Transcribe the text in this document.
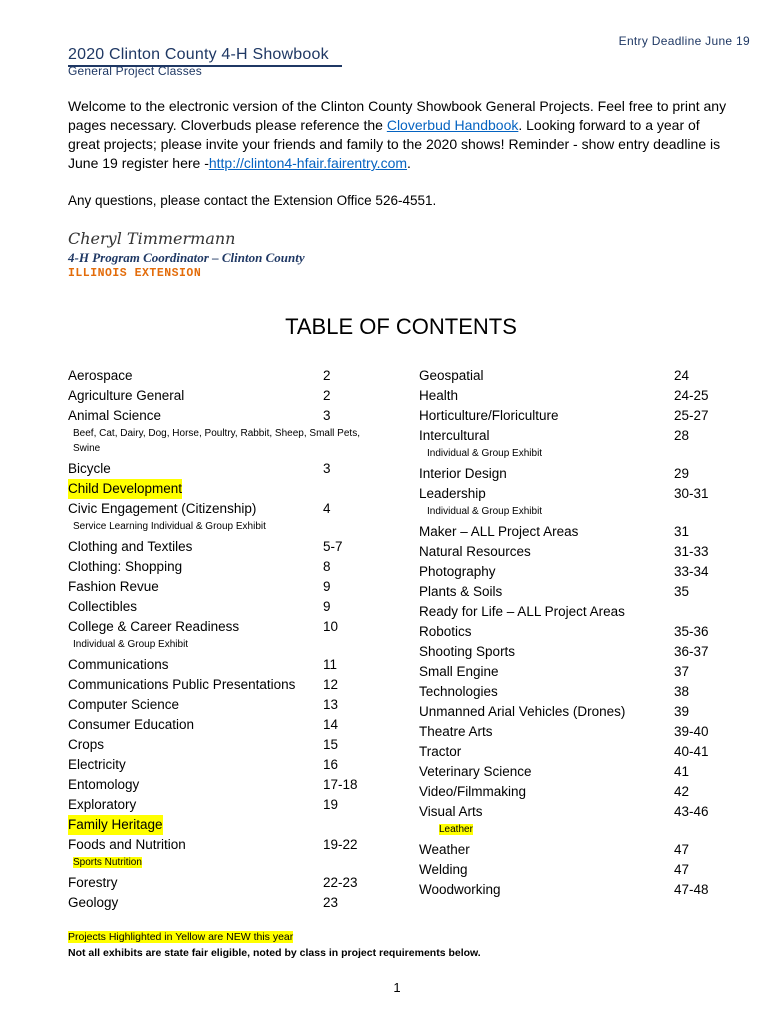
Entry Deadline June 19
2020 Clinton County 4-H Showbook
General Project Classes

Welcome to the electronic version of the Clinton County Showbook General Projects. Feel free to print any pages necessary. Cloverbuds please reference the Cloverbud Handbook. Looking forward to a year of great projects; please invite your friends and family to the 2020 shows! Reminder - show entry deadline is June 19 register here -http://clinton4-hfair.fairentry.com.

Any questions, please contact the Extension Office 526-4551.

Cheryl Timmermann
4-H Program Coordinator – Clinton County
ILLINOIS EXTENSION
TABLE OF CONTENTS
Aerospace	2
Agriculture General	2
Animal Science	3
Beef, Cat, Dairy, Dog, Horse, Poultry, Rabbit, Sheep, Small Pets, Swine
Bicycle	3
Child Development
Civic Engagement (Citizenship)	4
Service Learning Individual & Group Exhibit
Clothing and Textiles	5-7
Clothing: Shopping	8
Fashion Revue	9
Collectibles	9
College & Career Readiness	10
Individual & Group Exhibit
Communications	11
Communications Public Presentations 12
Computer Science	13
Consumer Education	14
Crops	15
Electricity	16
Entomology	17-18
Exploratory	19
Family Heritage
Foods and Nutrition	19-22
Sports Nutrition
Forestry	22-23
Geology	23
Geospatial	24
Health	24-25
Horticulture/Floriculture	25-27
Intercultural	28
Individual & Group Exhibit
Interior Design	29
Leadership	30-31
Individual & Group Exhibit
Maker – ALL Project Areas	31
Natural Resources	31-33
Photography	33-34
Plants & Soils	35
Ready for Life – ALL Project Areas
Robotics	35-36
Shooting Sports	36-37
Small Engine	37
Technologies	38
Unmanned Arial Vehicles (Drones)	39
Theatre Arts	39-40
Tractor	40-41
Veterinary Science	41
Video/Filmmaking	42
Visual Arts	43-46
Leather
Weather	47
Welding	47
Woodworking	47-48
Projects Highlighted in Yellow are NEW this year
Not all exhibits are state fair eligible, noted by class in project requirements below.
1
